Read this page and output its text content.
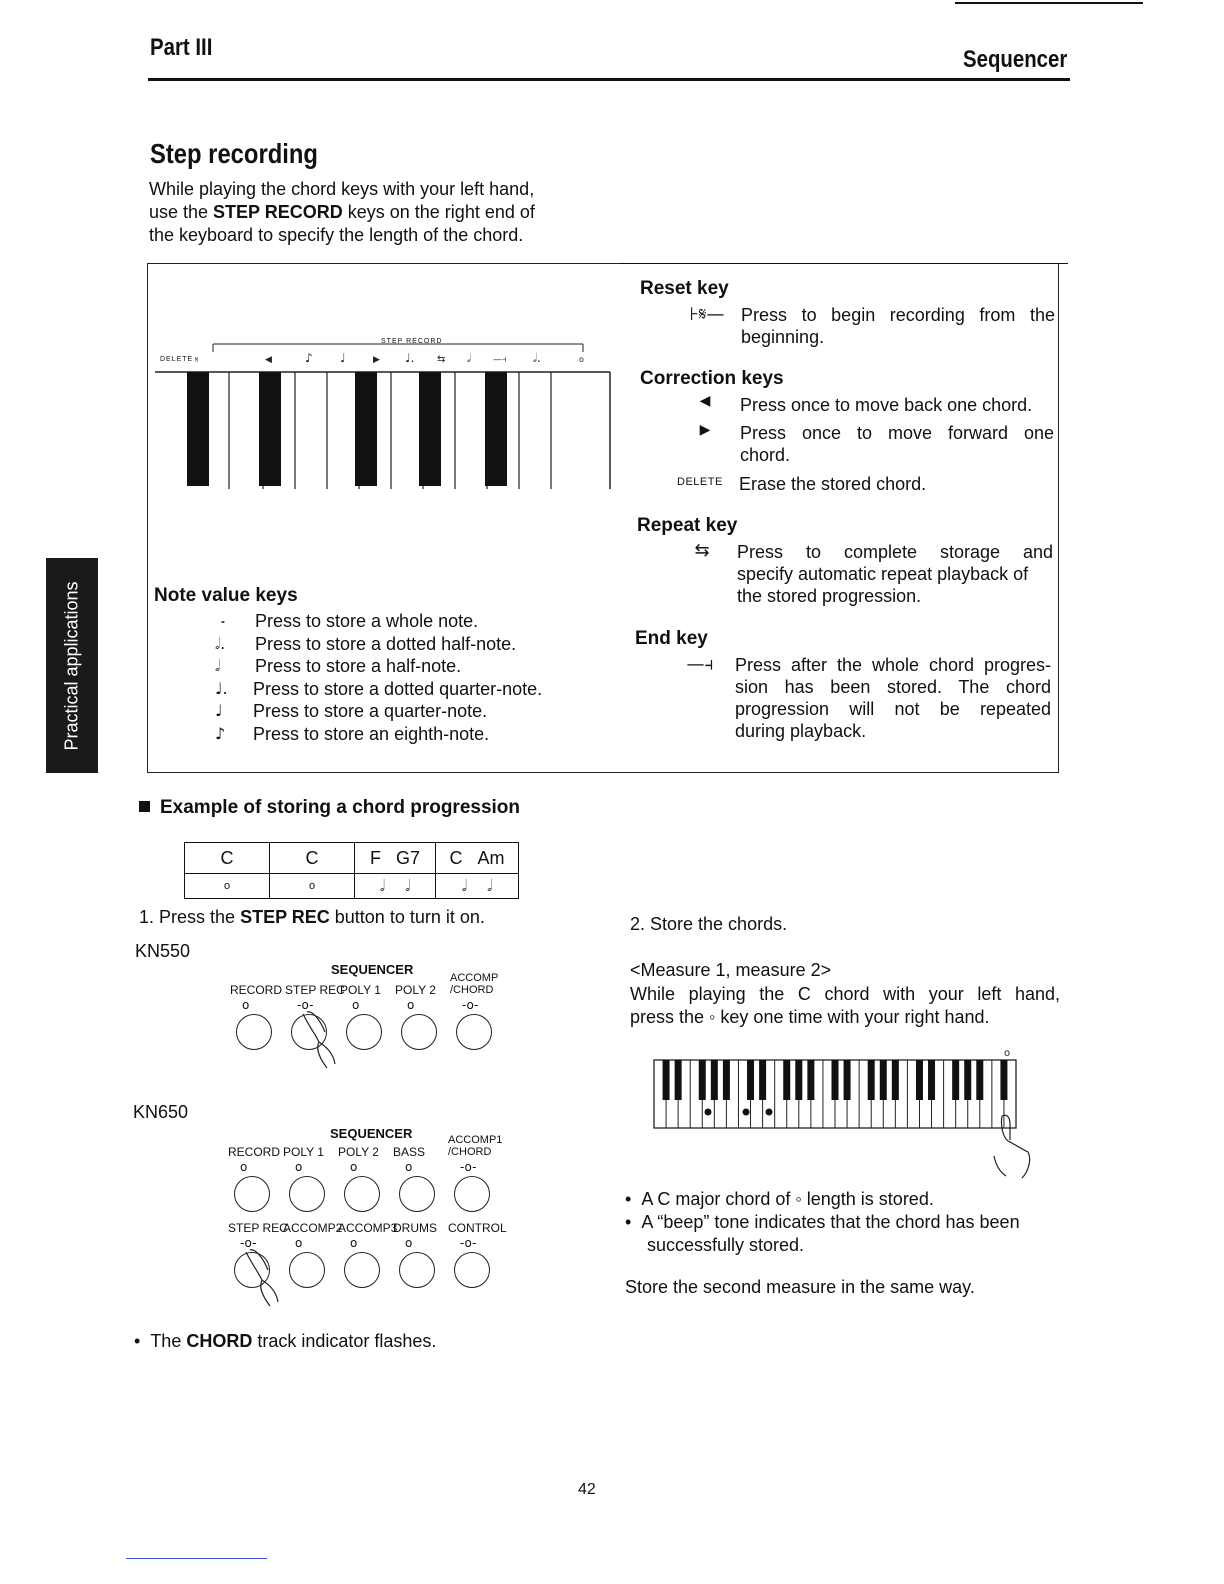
Part III	Sequencer
Practical applications
Step recording
While playing the chord keys with your left hand,
use the STEP RECORD keys on the right end of
the keyboard to specify the length of the chord.
𝄋	◀	♪ ♩	▶ ♩. ⇆ 𝅗𝅥 —⫞ 𝅗𝅥.	o
STEP RECORD
DELETE
Note value keys
𝅝 Press to store a whole note.
𝅗𝅥. Press to store a dotted half-note.
𝅗𝅥 Press to store a half-note.
♩. Press to store a dotted quarter-note.
♩ Press to store a quarter-note.
♪ Press to store an eighth-note.
Reset key
⊦𝄋— Press to begin recording from the
beginning.
Correction keys
◀	Press once to move back one chord.
▶	Press once to move forward one
chord.
DELETE Erase the stored chord.
Repeat key
⇆	Press to complete storage and
specify automatic repeat playback of
the stored progression.
End key
—⫞	Press after the whole chord progres-
sion has been stored. The chord
progression will not be repeated
during playback.
Example of storing a chord progression
C	C	F G7	C Am
o	o	𝅗𝅥 𝅗𝅥	𝅗𝅥 𝅗𝅥
1. Press the STEP REC button to turn it on.
KN550
SEQUENCER
RECORD
o
STEP REC
-o-
POLY 1
o
POLY 2
o
ACCOMP /CHORD
-o-
KN650
SEQUENCER
RECORD
o
POLY 1
o
POLY 2
o
BASS
o
ACCOMP1 /CHORD
-o-
STEP REC
-o-
ACCOMP2
o
ACCOMP3
o
DRUMS
o
CONTROL
-o-
•  The CHORD track indicator flashes.
2. Store the chords.
<Measure 1, measure 2>
While playing the C chord with your left hand,
press the ◦ key one time with your right hand.
o
•  A C major chord of ◦ length is stored.
•  A “beep” tone indicates that the chord has been
successfully stored.
Store the second measure in the same way.
42
